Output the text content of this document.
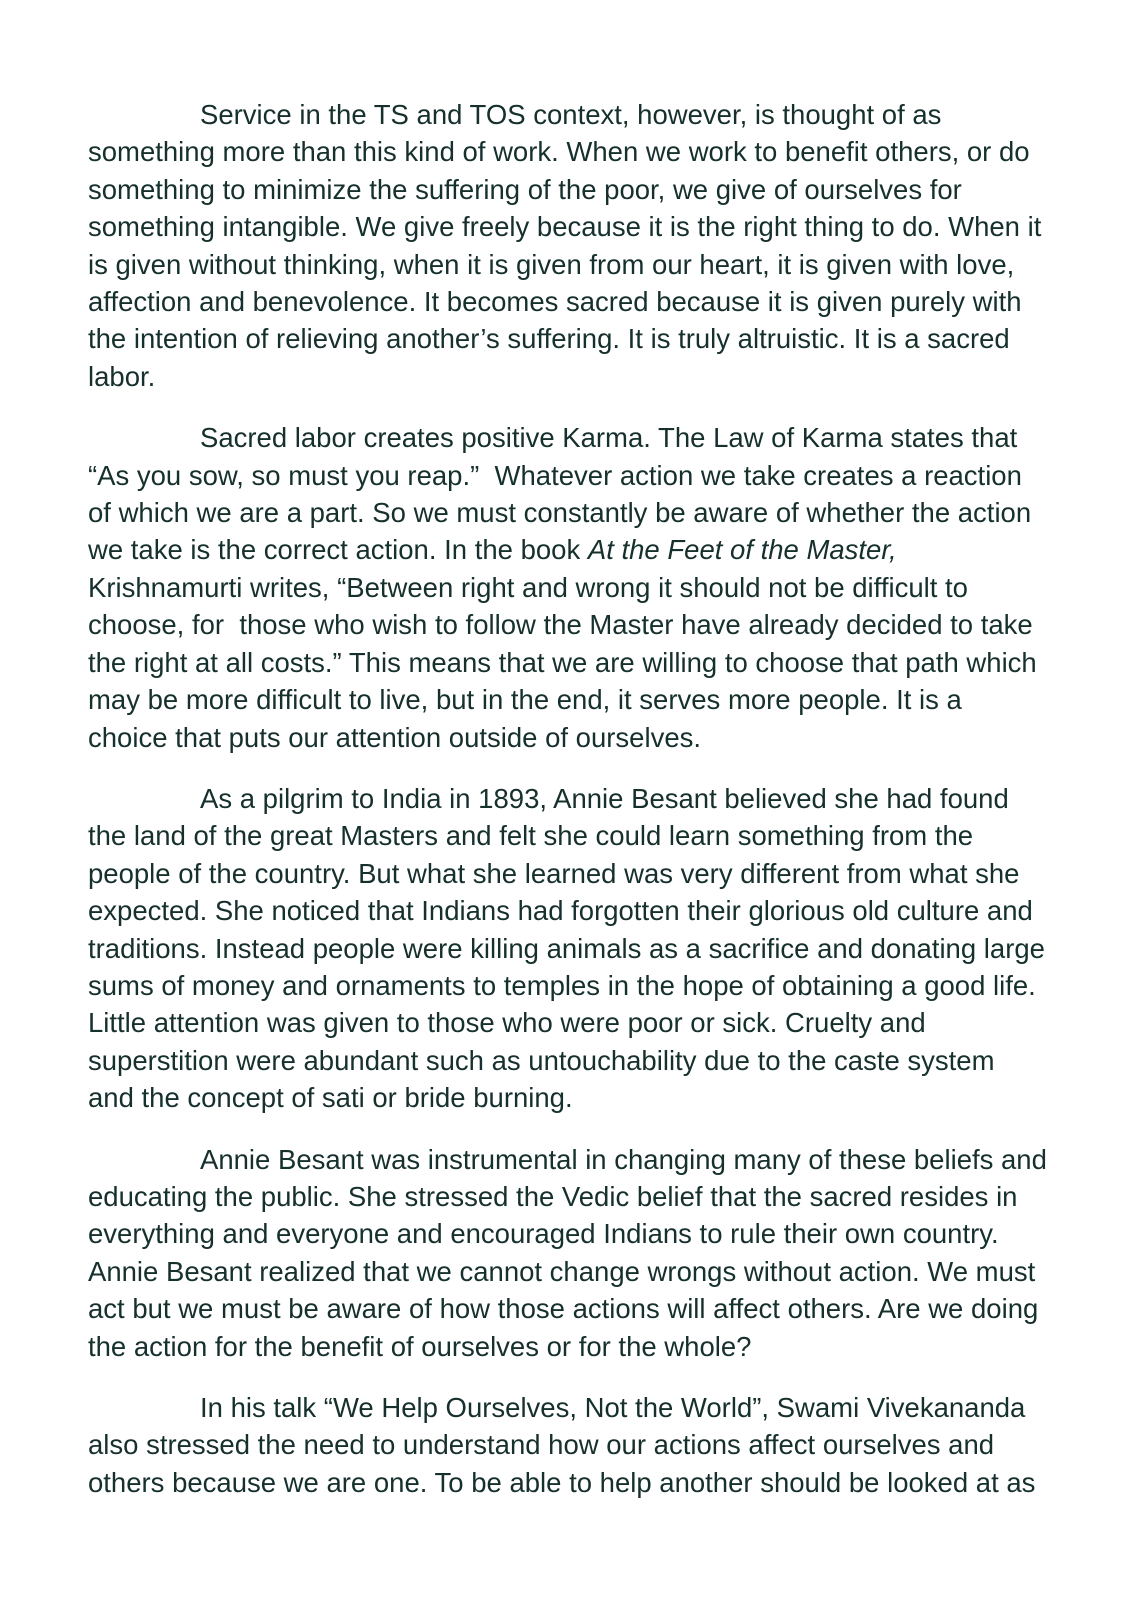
Service in the TS and TOS context, however, is thought of as
something more than this kind of work. When we work to benefit others, or do
something to minimize the suffering of the poor, we give of ourselves for
something intangible. We give freely because it is the right thing to do. When it
is given without thinking, when it is given from our heart, it is given with love,
affection and benevolence. It becomes sacred because it is given purely with
the intention of relieving another’s suffering. It is truly altruistic. It is a sacred
labor.

Sacred labor creates positive Karma. The Law of Karma states that
“As you sow, so must you reap.”  Whatever action we take creates a reaction
of which we are a part. So we must constantly be aware of whether the action
we take is the correct action. In the book At the Feet of the Master,
Krishnamurti writes, “Between right and wrong it should not be difficult to
choose, for  those who wish to follow the Master have already decided to take
the right at all costs.” This means that we are willing to choose that path which
may be more difficult to live, but in the end, it serves more people. It is a
choice that puts our attention outside of ourselves.

As a pilgrim to India in 1893, Annie Besant believed she had found
the land of the great Masters and felt she could learn something from the
people of the country. But what she learned was very different from what she
expected. She noticed that Indians had forgotten their glorious old culture and
traditions. Instead people were killing animals as a sacrifice and donating large
sums of money and ornaments to temples in the hope of obtaining a good life.
Little attention was given to those who were poor or sick. Cruelty and
superstition were abundant such as untouchability due to the caste system
and the concept of sati or bride burning.

Annie Besant was instrumental in changing many of these beliefs and
educating the public. She stressed the Vedic belief that the sacred resides in
everything and everyone and encouraged Indians to rule their own country.
Annie Besant realized that we cannot change wrongs without action. We must
act but we must be aware of how those actions will affect others. Are we doing
the action for the benefit of ourselves or for the whole?

In his talk “We Help Ourselves, Not the World”, Swami Vivekananda
also stressed the need to understand how our actions affect ourselves and
others because we are one. To be able to help another should be looked at as
